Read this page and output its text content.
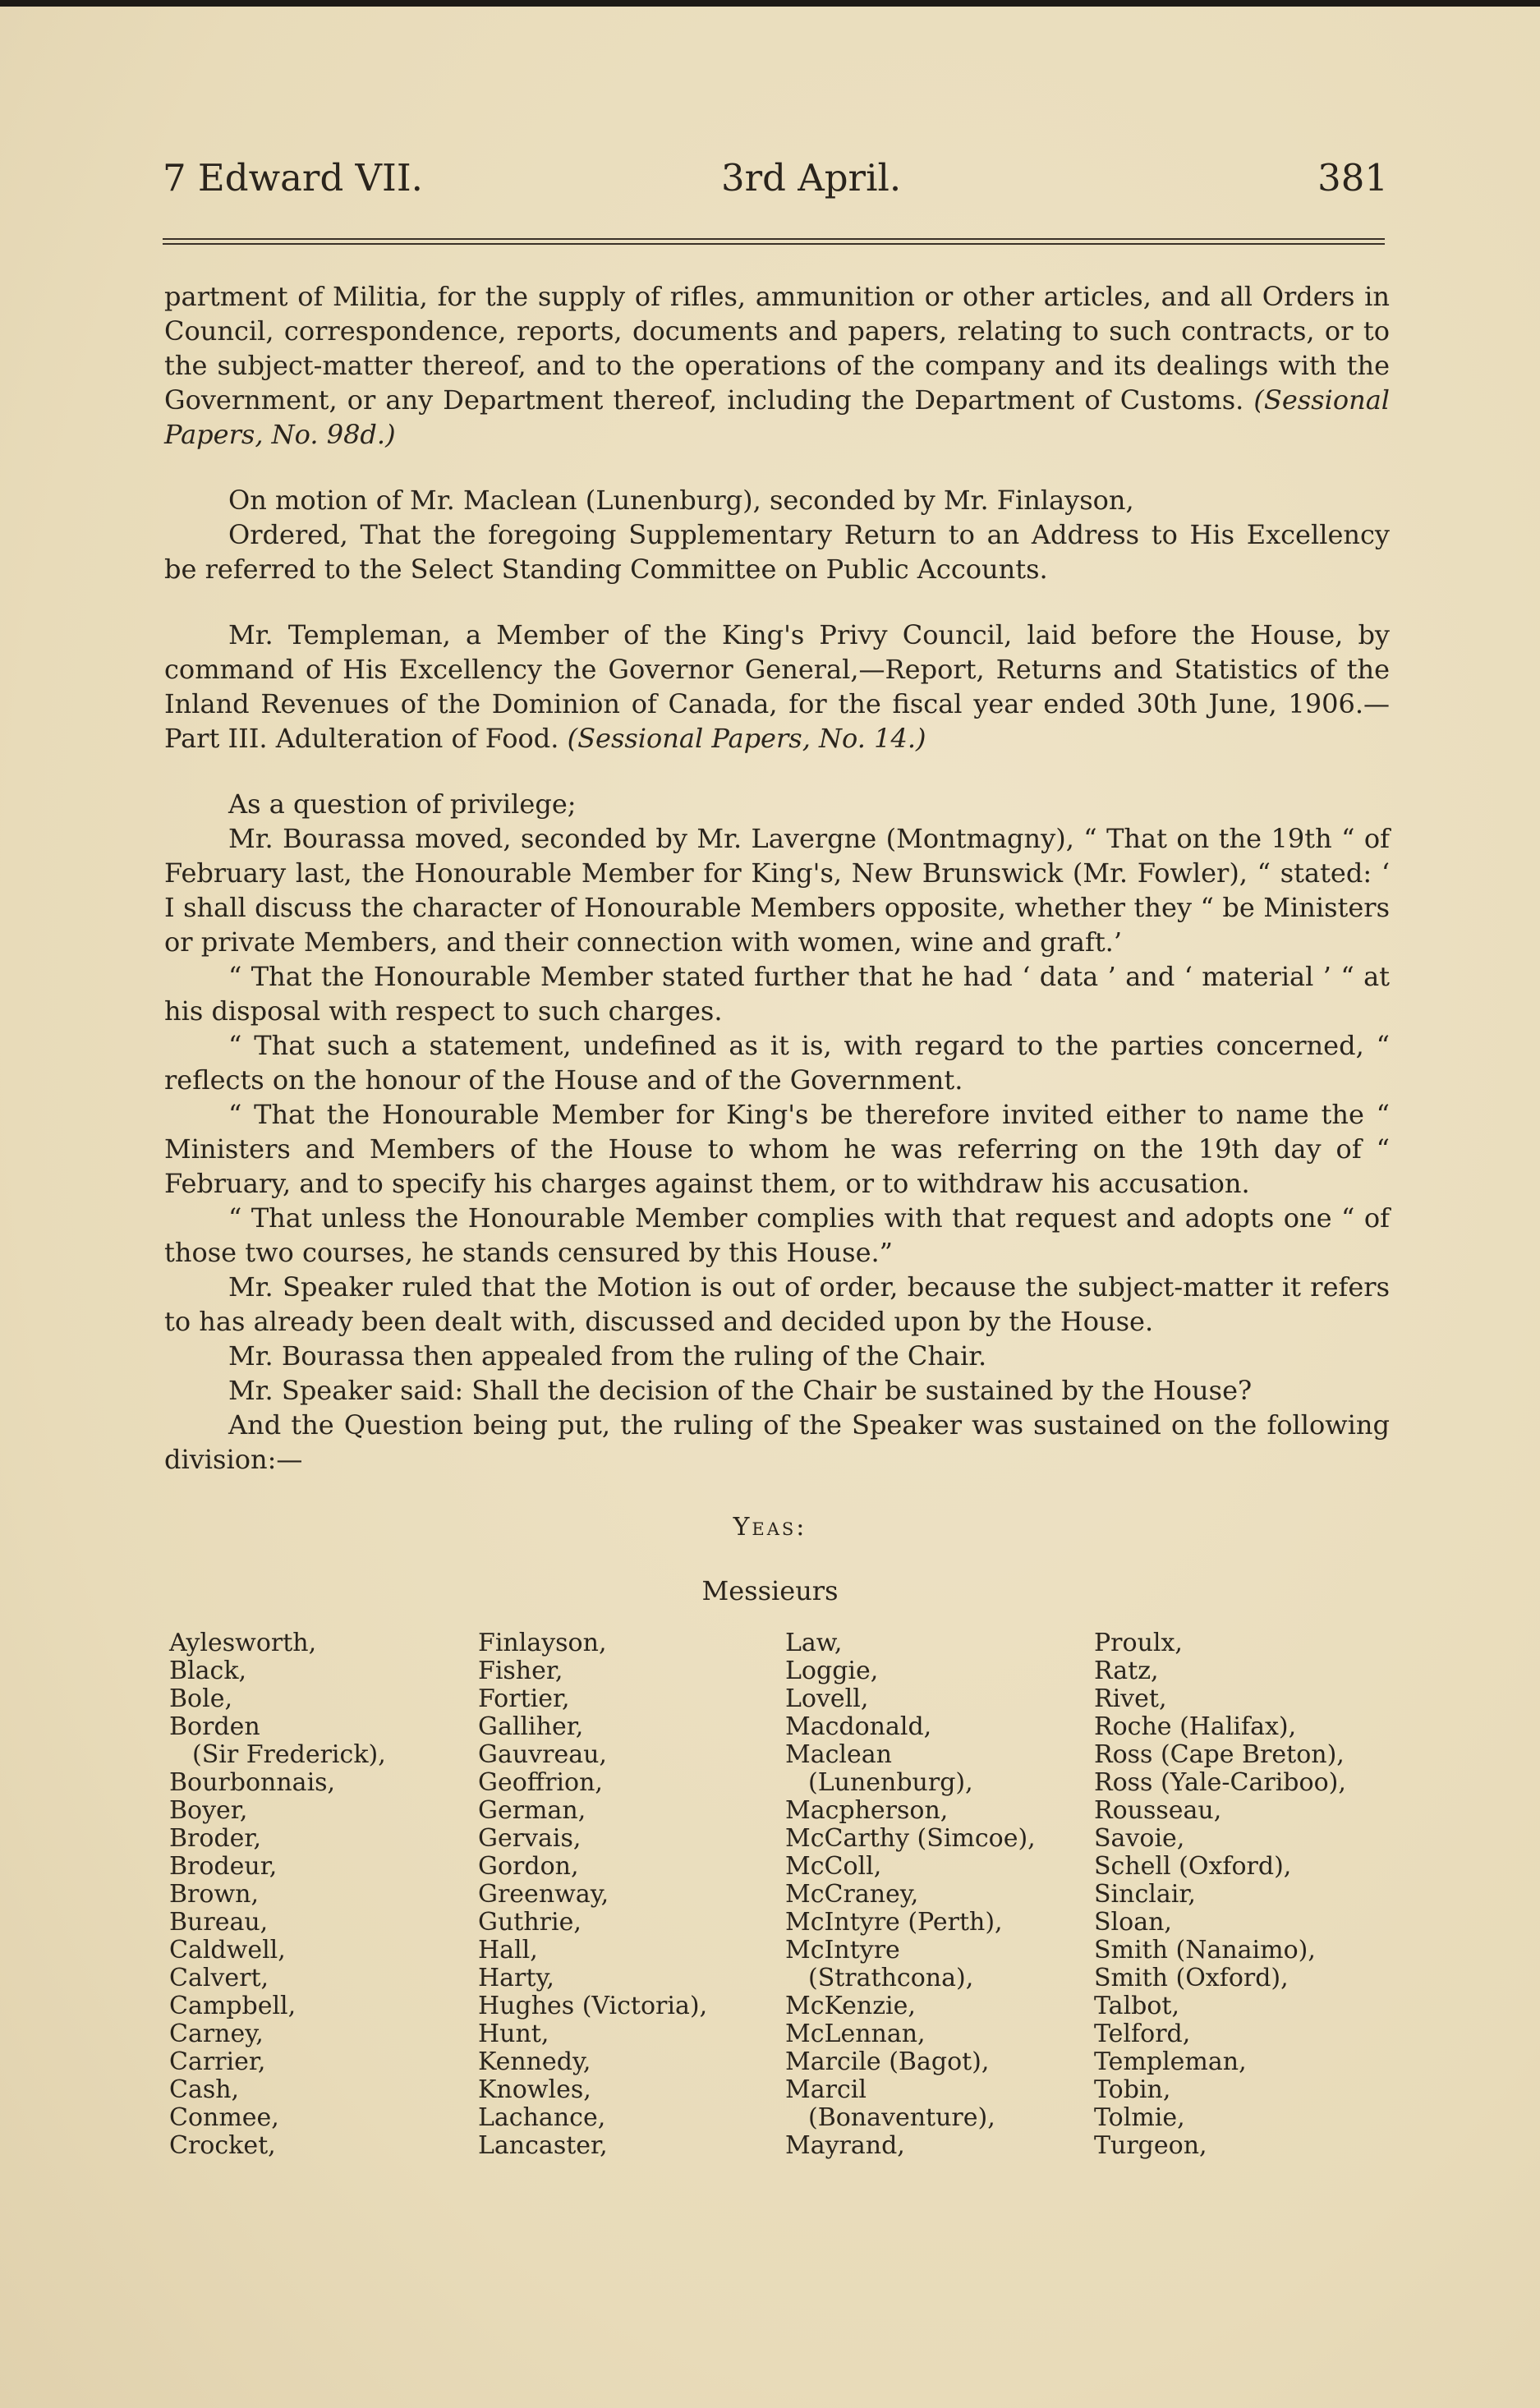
7 Edward VII.	3rd April.	381

partment of Militia, for the supply of rifles, ammunition or other articles, and all Orders in Council, correspondence, reports, documents and papers, relating to such contracts, or to the subject-matter thereof, and to the operations of the company and its dealings with the Government, or any Department thereof, including the Department of Customs. (Sessional Papers, No. 98d.)

On motion of Mr. Maclean (Lunenburg), seconded by Mr. Finlayson,

Ordered, That the foregoing Supplementary Return to an Address to His Excellency be referred to the Select Standing Committee on Public Accounts.

Mr. Templeman, a Member of the King's Privy Council, laid before the House, by command of His Excellency the Governor General,—Report, Returns and Statistics of the Inland Revenues of the Dominion of Canada, for the fiscal year ended 30th June, 1906.—Part III. Adulteration of Food. (Sessional Papers, No. 14.)

As a question of privilege;

Mr. Bourassa moved, seconded by Mr. Lavergne (Montmagny), “ That on the 19th “ of February last, the Honourable Member for King's, New Brunswick (Mr. Fowler), “ stated: ‘ I shall discuss the character of Honourable Members opposite, whether they “ be Ministers or private Members, and their connection with women, wine and graft.’

“ That the Honourable Member stated further that he had ‘ data ’ and ‘ material ’ “ at his disposal with respect to such charges.

“ That such a statement, undefined as it is, with regard to the parties concerned, “ reflects on the honour of the House and of the Government.

“ That the Honourable Member for King's be therefore invited either to name the “ Ministers and Members of the House to whom he was referring on the 19th day of “ February, and to specify his charges against them, or to withdraw his accusation.

“ That unless the Honourable Member complies with that request and adopts one “ of those two courses, he stands censured by this House.”

Mr. Speaker ruled that the Motion is out of order, because the subject-matter it refers to has already been dealt with, discussed and decided upon by the House.

Mr. Bourassa then appealed from the ruling of the Chair.

Mr. Speaker said: Shall the decision of the Chair be sustained by the House?

And the Question being put, the ruling of the Speaker was sustained on the following division:—

Yeas:
Messieurs
Aylesworth,
Black,
Bole,
Borden
(Sir Frederick),
Bourbonnais,
Boyer,
Broder,
Brodeur,
Brown,
Bureau,
Caldwell,
Calvert,
Campbell,
Carney,
Carrier,
Cash,
Conmee,
Crocket,
Finlayson,
Fisher,
Fortier,
Galliher,
Gauvreau,
Geoffrion,
German,
Gervais,
Gordon,
Greenway,
Guthrie,
Hall,
Harty,
Hughes (Victoria),
Hunt,
Kennedy,
Knowles,
Lachance,
Lancaster,
Law,
Loggie,
Lovell,
Macdonald,
Maclean
(Lunenburg),
Macpherson,
McCarthy (Simcoe),
McColl,
McCraney,
McIntyre (Perth),
McIntyre
(Strathcona),
McKenzie,
McLennan,
Marcile (Bagot),
Marcil
(Bonaventure),
Mayrand,
Proulx,
Ratz,
Rivet,
Roche (Halifax),
Ross (Cape Breton),
Ross (Yale-Cariboo),
Rousseau,
Savoie,
Schell (Oxford),
Sinclair,
Sloan,
Smith (Nanaimo),
Smith (Oxford),
Talbot,
Telford,
Templeman,
Tobin,
Tolmie,
Turgeon,
